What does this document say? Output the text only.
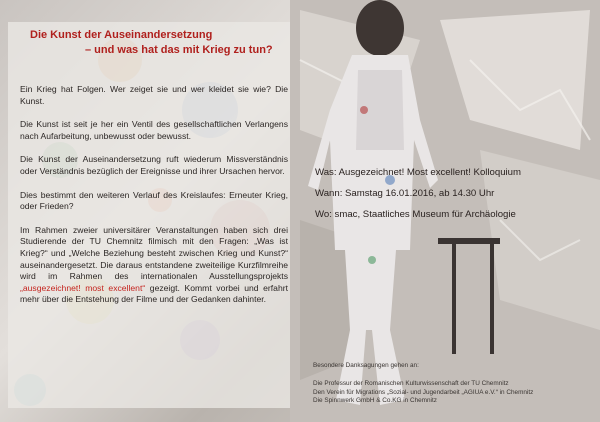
Die Kunst der Auseinandersetzung
– und was hat das mit Krieg zu tun?

Ein Krieg hat Folgen. Wer zeiget sie und wer kleidet sie wie? Die Kunst.

Die Kunst ist seit je her ein Ventil des gesellschaftlichen Verlangens nach Aufarbeitung, unbewusst oder bewusst.

Die Kunst der Auseinandersetzung ruft wiederum Missverständnis oder Verständnis bezüglich der Ereignisse und ihrer Ursachen hervor.

Dies bestimmt den weiteren Verlauf des Kreislaufes: Erneuter Krieg, oder Frieden?

Im Rahmen zweier universitärer Veranstaltungen haben sich drei Studierende der TU Chemnitz filmisch mit den Fragen: „Was ist Krieg?“ und „Welche Beziehung besteht zwischen Krieg und Kunst?“ auseinandergesetzt. Die daraus entstandene zweiteilige Kurzfilmreihe wird im Rahmen des internationalen Ausstellungsprojekts „ausgezeichnet! most excellent“ gezeigt. Kommt vorbei und erfahrt mehr über die Entstehung der Filme und der Gedanken dahinter.

Was: Ausgezeichnet! Most excellent! Kolloquium
Wann: Samstag 16.01.2016, ab 14.30 Uhr
Wo: smac, Staatliches Museum für Archäologie
Besondere Danksagungen gehen an:
Die Professur der Romanischen Kulturwissenschaft der TU Chemnitz
Den Verein für Migrations „Sozial- und Jugendarbeit „AGIUA e.V.“ in Chemnitz
Die Spinnwerk GmbH & Co.KG in Chemnitz
